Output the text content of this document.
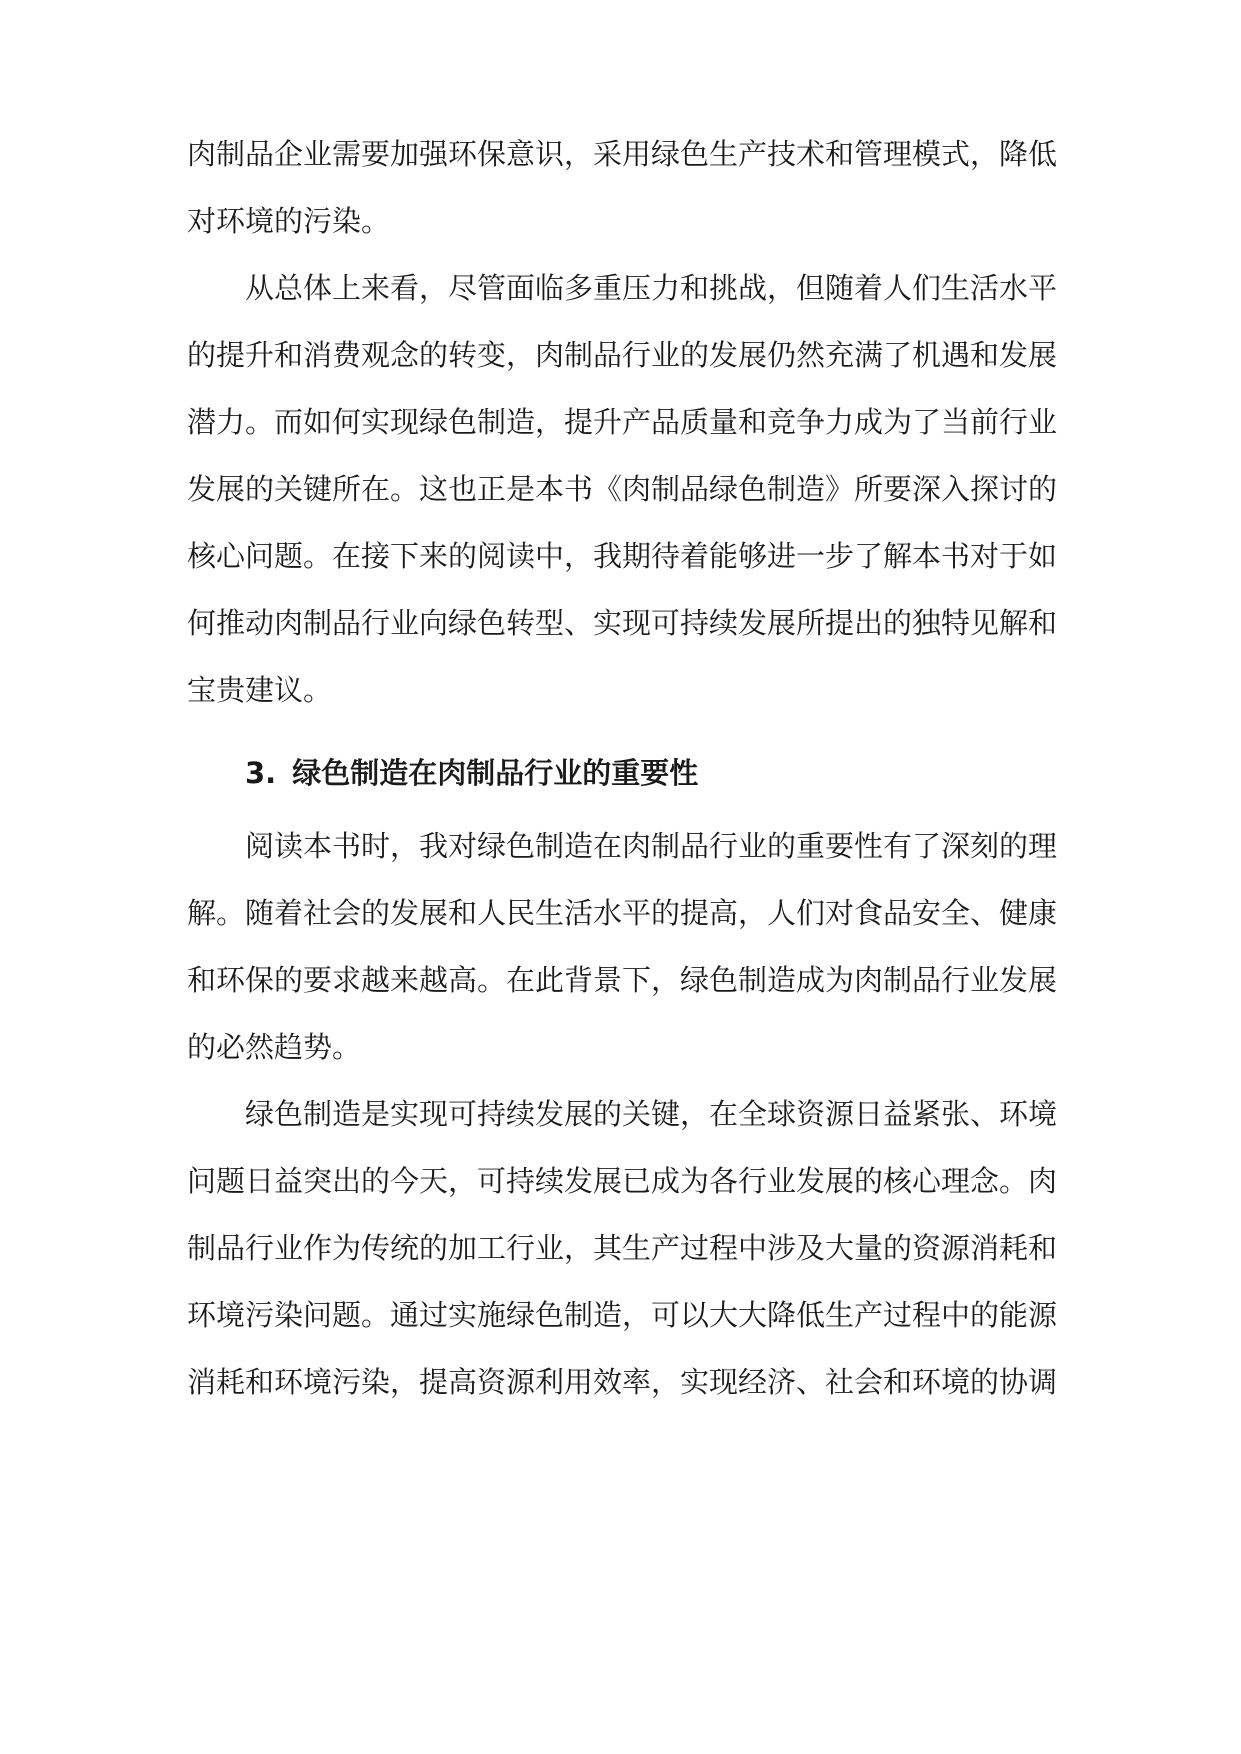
肉制品企业需要加强环保意识，采用绿色生产技术和管理模式，降低

对环境的污染。

从总体上来看，尽管面临多重压力和挑战，但随着人们生活水平

的提升和消费观念的转变，肉制品行业的发展仍然充满了机遇和发展

潜力。而如何实现绿色制造，提升产品质量和竞争力成为了当前行业

发展的关键所在。这也正是本书《肉制品绿色制造》所要深入探讨的

核心问题。在接下来的阅读中，我期待着能够进一步了解本书对于如

何推动肉制品行业向绿色转型、实现可持续发展所提出的独特见解和

宝贵建议。

3. 绿色制造在肉制品行业的重要性

阅读本书时，我对绿色制造在肉制品行业的重要性有了深刻的理

解。随着社会的发展和人民生活水平的提高，人们对食品安全、健康

和环保的要求越来越高。在此背景下，绿色制造成为肉制品行业发展

的必然趋势。

绿色制造是实现可持续发展的关键，在全球资源日益紧张、环境

问题日益突出的今天，可持续发展已成为各行业发展的核心理念。肉

制品行业作为传统的加工行业，其生产过程中涉及大量的资源消耗和

环境污染问题。通过实施绿色制造，可以大大降低生产过程中的能源

消耗和环境污染，提高资源利用效率，实现经济、社会和环境的协调
